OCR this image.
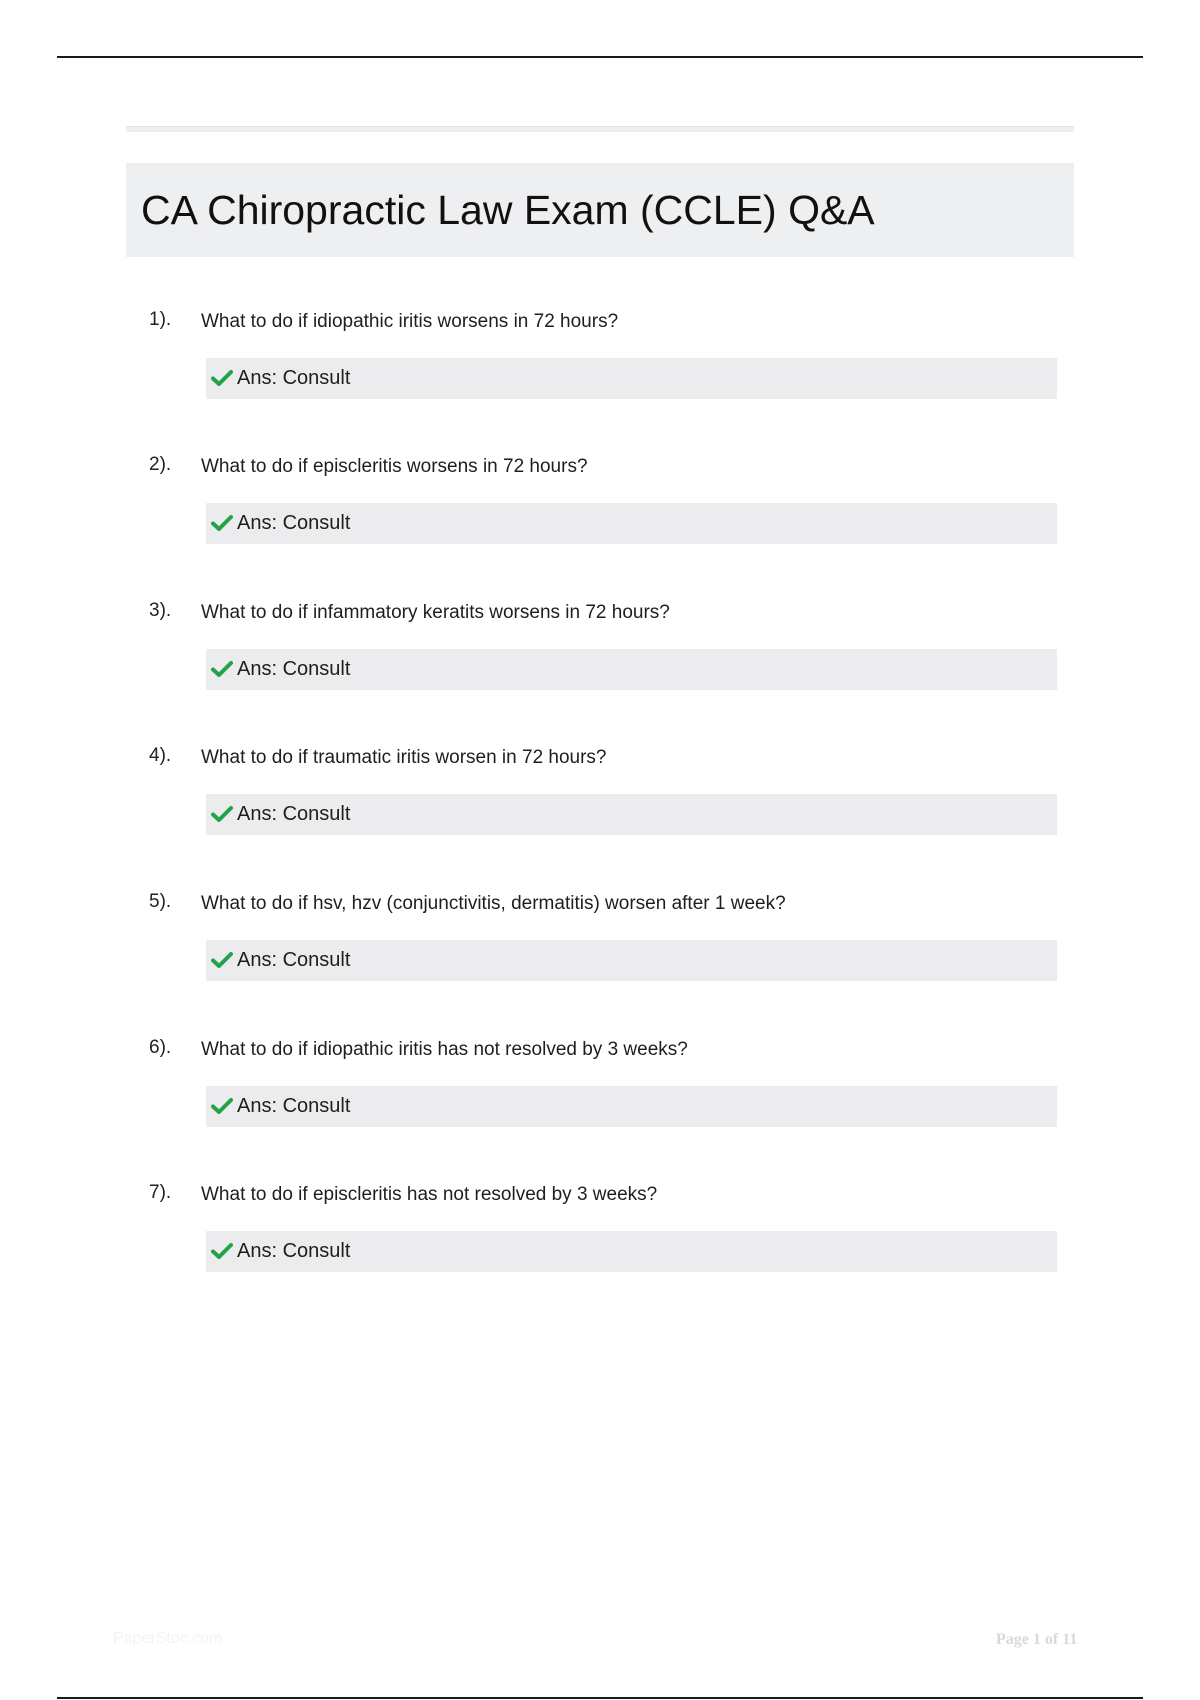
CA Chiropractic Law Exam (CCLE) Q&A
1). What to do if idiopathic iritis worsens in 72 hours?
Ans: Consult
2). What to do if episcleritis worsens in 72 hours?
Ans: Consult
3). What to do if infammatory keratits worsens in 72 hours?
Ans: Consult
4). What to do if traumatic iritis worsen in 72 hours?
Ans: Consult
5). What to do if hsv, hzv (conjunctivitis, dermatitis) worsen after 1 week?
Ans: Consult
6). What to do if idiopathic iritis has not resolved by 3 weeks?
Ans: Consult
7). What to do if episcleritis has not resolved by 3 weeks?
Ans: Consult
PaperStoc.com	Page 1 of 11
